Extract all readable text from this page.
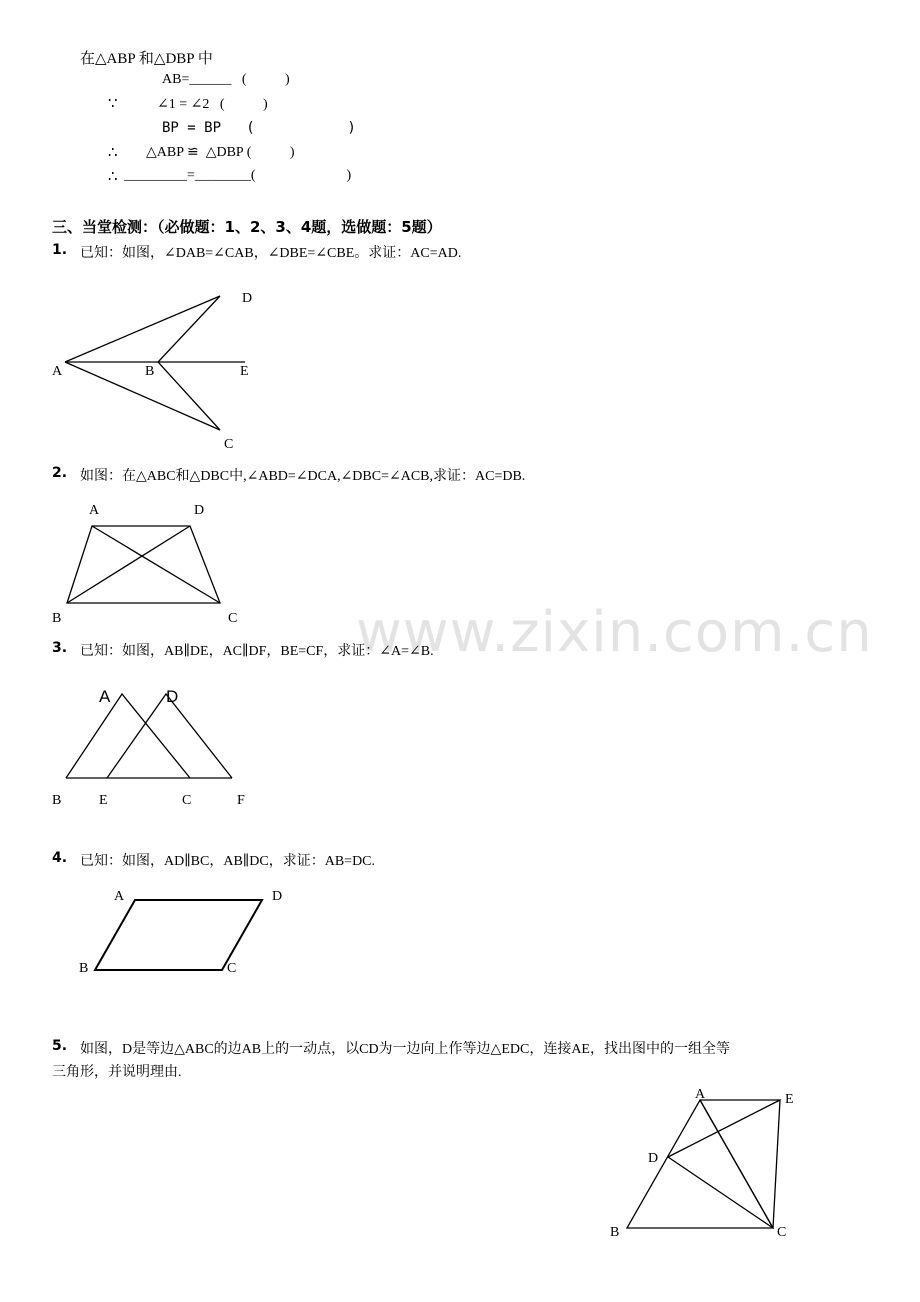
在△ABP 和△DBP 中
AB=______   (           )
∵	∠1 = ∠2   (           )
BP = BP   (           )
∴ △ABP ≌  △DBP (           )
∴ _________=________(                          )
三、当堂检测：（必做题：1、2、3、4题，选做题：5题）
1. 已知：如图，∠DAB=∠CAB，∠DBE=∠CBE。求证：AC=AD.
A	B
D
E
C
A	D
B	C
A	D
B	E	C	F
A	D
B	C
A	E
D
B	C
2. 如图：在△ABC和△DBC中,∠ABD=∠DCA,∠DBC=∠ACB,求证：AC=DB.
www.zixin.com.cn
3. 已知：如图，AB∥DE，AC∥DF，BE=CF，求证：∠A=∠B.
4. 已知：如图，AD∥BC，AB∥DC，求证：AB=DC.
5. 如图，D是等边△ABC的边AB上的一动点，以CD为一边向上作等边△EDC，连接AE，找出图中的一组全等
三角形，并说明理由.
